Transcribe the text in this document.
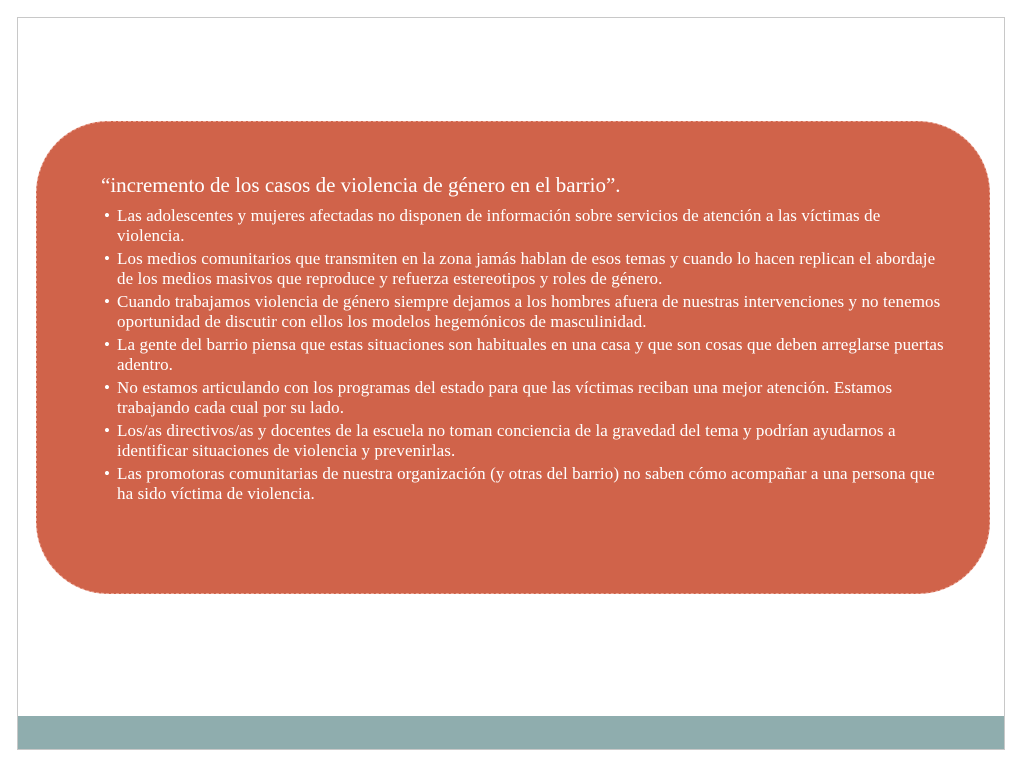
“incremento de los casos de violencia de género en el barrio”.
• Las adolescentes y mujeres afectadas no disponen de información sobre servicios de atención a las víctimas de violencia.
• Los medios comunitarios que transmiten en la zona jamás hablan de esos temas y cuando lo hacen replican el abordaje de los medios masivos que reproduce y refuerza estereotipos y roles de género.
• Cuando trabajamos violencia de género siempre dejamos a los hombres afuera de nuestras intervenciones y no tenemos oportunidad de discutir con ellos los modelos hegemónicos de masculinidad.
• La gente del barrio piensa que estas situaciones son habituales en una casa y que son cosas que deben arreglarse puertas adentro.
• No estamos articulando con los programas del estado para que las víctimas reciban una mejor atención. Estamos trabajando cada cual por su lado.
• Los/as directivos/as y docentes de la escuela no toman conciencia de la gravedad del tema y podrían ayudarnos a identificar situaciones de violencia y prevenirlas.
• Las promotoras comunitarias de nuestra organización (y otras del barrio) no saben cómo acompañar a una persona que ha sido víctima de violencia.
